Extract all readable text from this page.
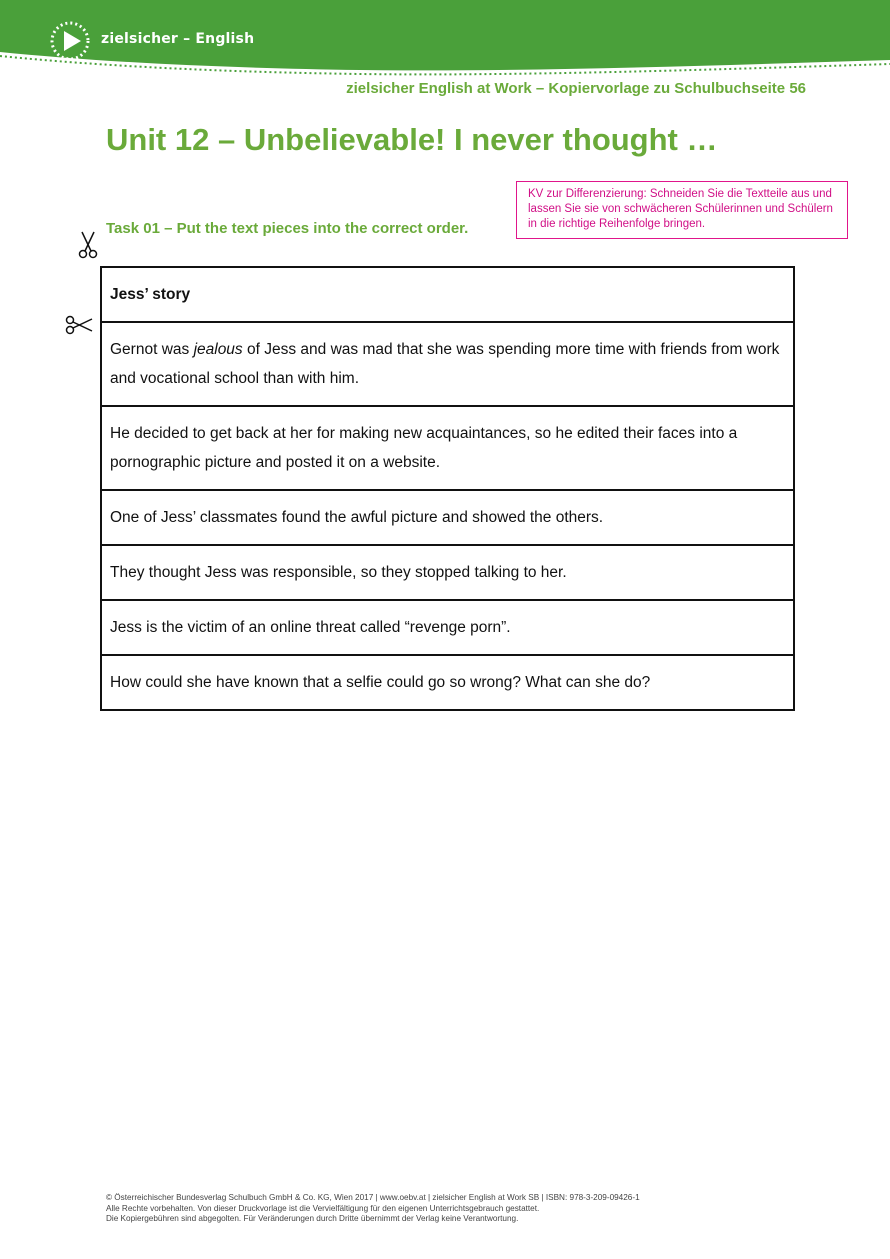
zielsicher – English
zielsicher English at Work – Kopiervorlage zu Schulbuchseite 56
Unit 12 – Unbelievable! I never thought …
KV zur Differenzierung: Schneiden Sie die Textteile aus und lassen Sie sie von schwächeren Schülerinnen und Schülern in die richtige Reihenfolge bringen.
Task 01 – Put the text pieces into the correct order.
Jess’ story
Gernot was jealous of Jess and was mad that she was spending more time with friends from work and vocational school than with him.
He decided to get back at her for making new acquaintances, so he edited their faces into a pornographic picture and posted it on a website.
One of Jess’ classmates found the awful picture and showed the others.
They thought Jess was responsible, so they stopped talking to her.
Jess is the victim of an online threat called “revenge porn”.
How could she have known that a selfie could go so wrong? What can she do?
© Österreichischer Bundesverlag Schulbuch GmbH & Co. KG, Wien 2017 | www.oebv.at | zielsicher English at Work SB | ISBN: 978-3-209-09426-1
Alle Rechte vorbehalten. Von dieser Druckvorlage ist die Vervielfältigung für den eigenen Unterrichtsgebrauch gestattet.
Die Kopiergebühren sind abgegolten. Für Veränderungen durch Dritte übernimmt der Verlag keine Verantwortung.
